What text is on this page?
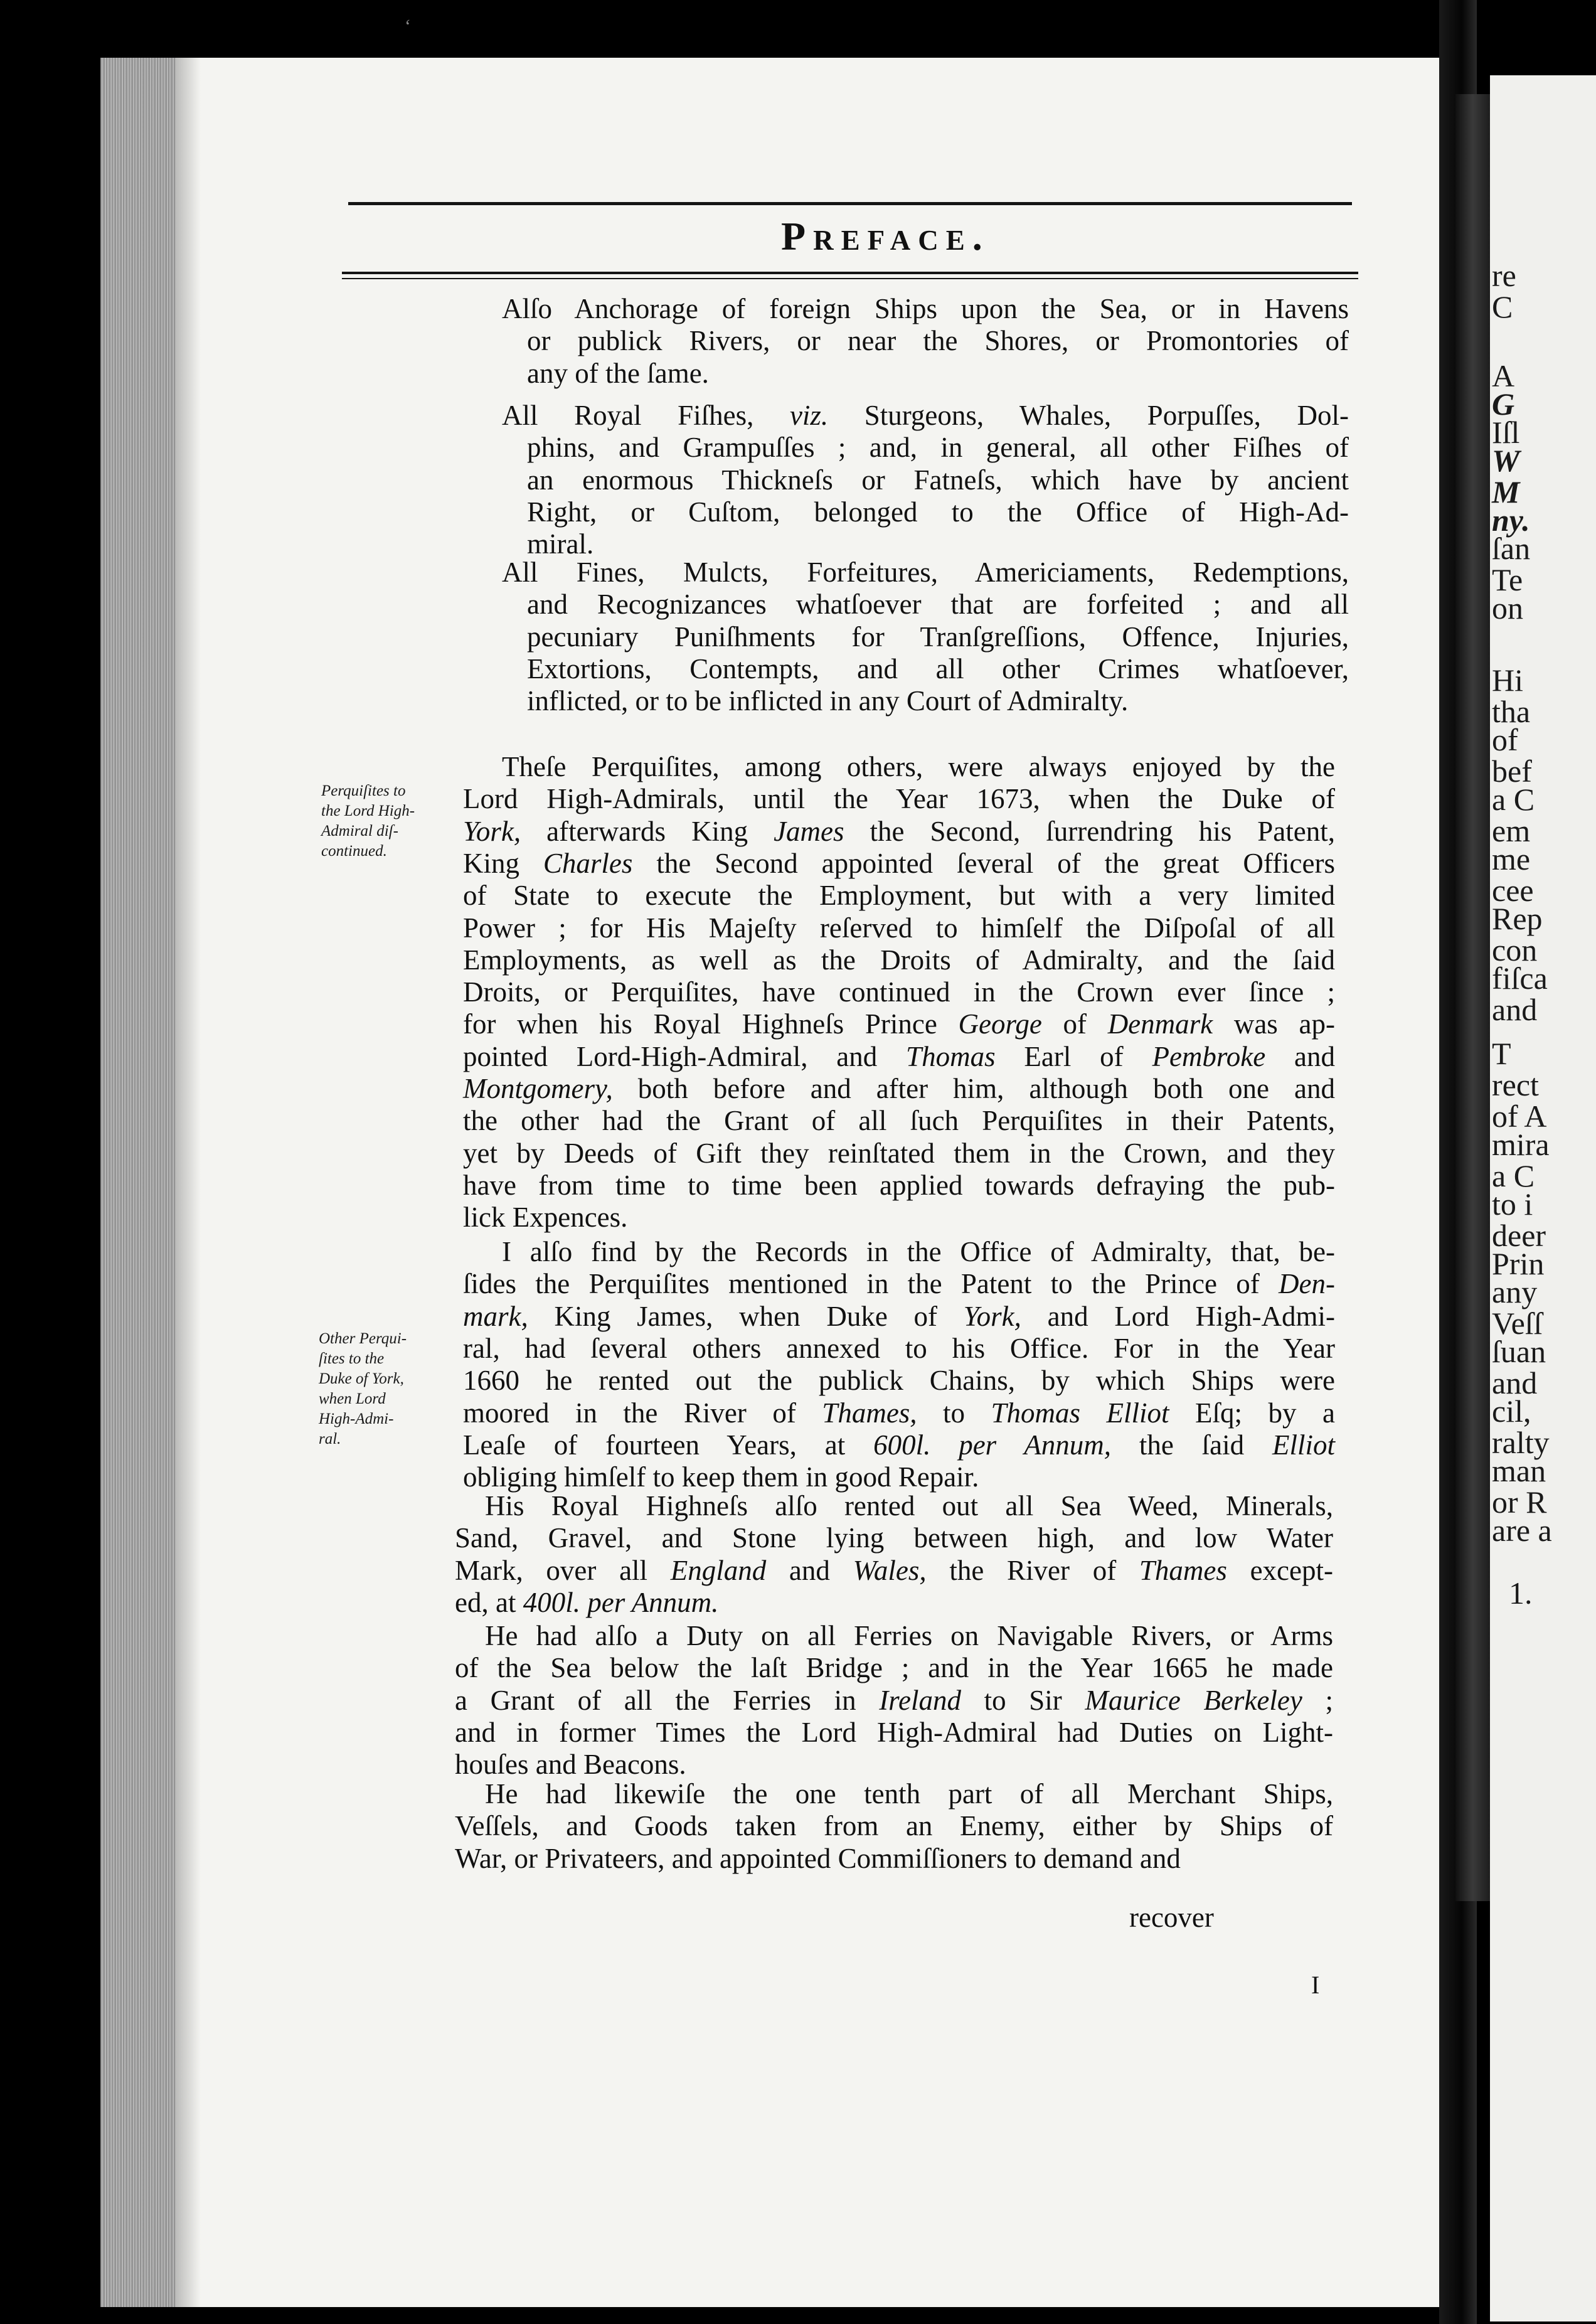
re
C
A
G
Iſl
W
M
ny.
ſan
Te
on
Hi
tha
of
bef
a C
em
me
cee
Rep
con
fiſca
and
T
rect
of A
mira
a C
to i
deer
Prin
any
Veſſ
ſuan
and
cil,
ralty
man
or R
are a
1.
‘
Preface.
Alſo Anchorage of foreign Ships upon the Sea, or in Havens
or publick Rivers, or near the Shores, or Promontories of
any of the ſame.
All Royal Fiſhes, viz. Sturgeons, Whales, Porpuſſes, Dol-
phins, and Grampuſſes ; and, in general, all other Fiſhes of
an enormous Thickneſs or Fatneſs, which have by ancient
Right, or Cuſtom, belonged to the Office of High-Ad-
miral.
All Fines, Mulcts, Forfeitures, Americiaments, Redemptions,
and Recognizances whatſoever that are forfeited ; and all
pecuniary Puniſhments for Tranſgreſſions, Offence, Injuries,
Extortions, Contempts, and all other Crimes whatſoever,
inflicted, or to be inflicted in any Court of Admiralty.
Theſe Perquiſites, among others, were always enjoyed by the
Lord High-Admirals, until the Year 1673, when the Duke of
York, afterwards King James the Second, ſurrendring his Patent,
King Charles the Second appointed ſeveral of the great Officers
of State to execute the Employment, but with a very limited
Power ; for His Majeſty reſerved to himſelf the Diſpoſal of all
Employments, as well as the Droits of Admiralty, and the ſaid
Droits, or Perquiſites, have continued in the Crown ever ſince ;
for when his Royal Highneſs Prince George of Denmark was ap-
pointed Lord-High-Admiral, and Thomas Earl of Pembroke and
Montgomery, both before and after him, although both one and
the other had the Grant of all ſuch Perquiſites in their Patents,
yet by Deeds of Gift they reinſtated them in the Crown, and they
have from time to time been applied towards defraying the pub-
lick Expences.
I alſo find by the Records in the Office of Admiralty, that, be-
ſides the Perquiſites mentioned in the Patent to the Prince of Den-
mark, King James, when Duke of York, and Lord High-Admi-
ral, had ſeveral others annexed to his Office. For in the Year
1660 he rented out the publick Chains, by which Ships were
moored in the River of Thames, to Thomas Elliot Eſq; by a
Leaſe of fourteen Years, at 600l. per Annum, the ſaid Elliot
obliging himſelf to keep them in good Repair.
His Royal Highneſs alſo rented out all Sea Weed, Minerals,
Sand, Gravel, and Stone lying between high, and low Water
Mark, over all England and Wales, the River of Thames except-
ed, at 400l. per Annum.
He had alſo a Duty on all Ferries on Navigable Rivers, or Arms
of the Sea below the laſt Bridge ; and in the Year 1665 he made
a Grant of all the Ferries in Ireland to Sir Maurice Berkeley ;
and in former Times the Lord High-Admiral had Duties on Light-
houſes and Beacons.
He had likewiſe the one tenth part of all Merchant Ships,
Veſſels, and Goods taken from an Enemy, either by Ships of
War, or Privateers, and appointed Commiſſioners to demand and
Perquiſites to
the Lord High-
Admiral diſ-
continued.
Other Perqui-
ſites to the
Duke of York,
when Lord
High-Admi-
ral.
recover
I
